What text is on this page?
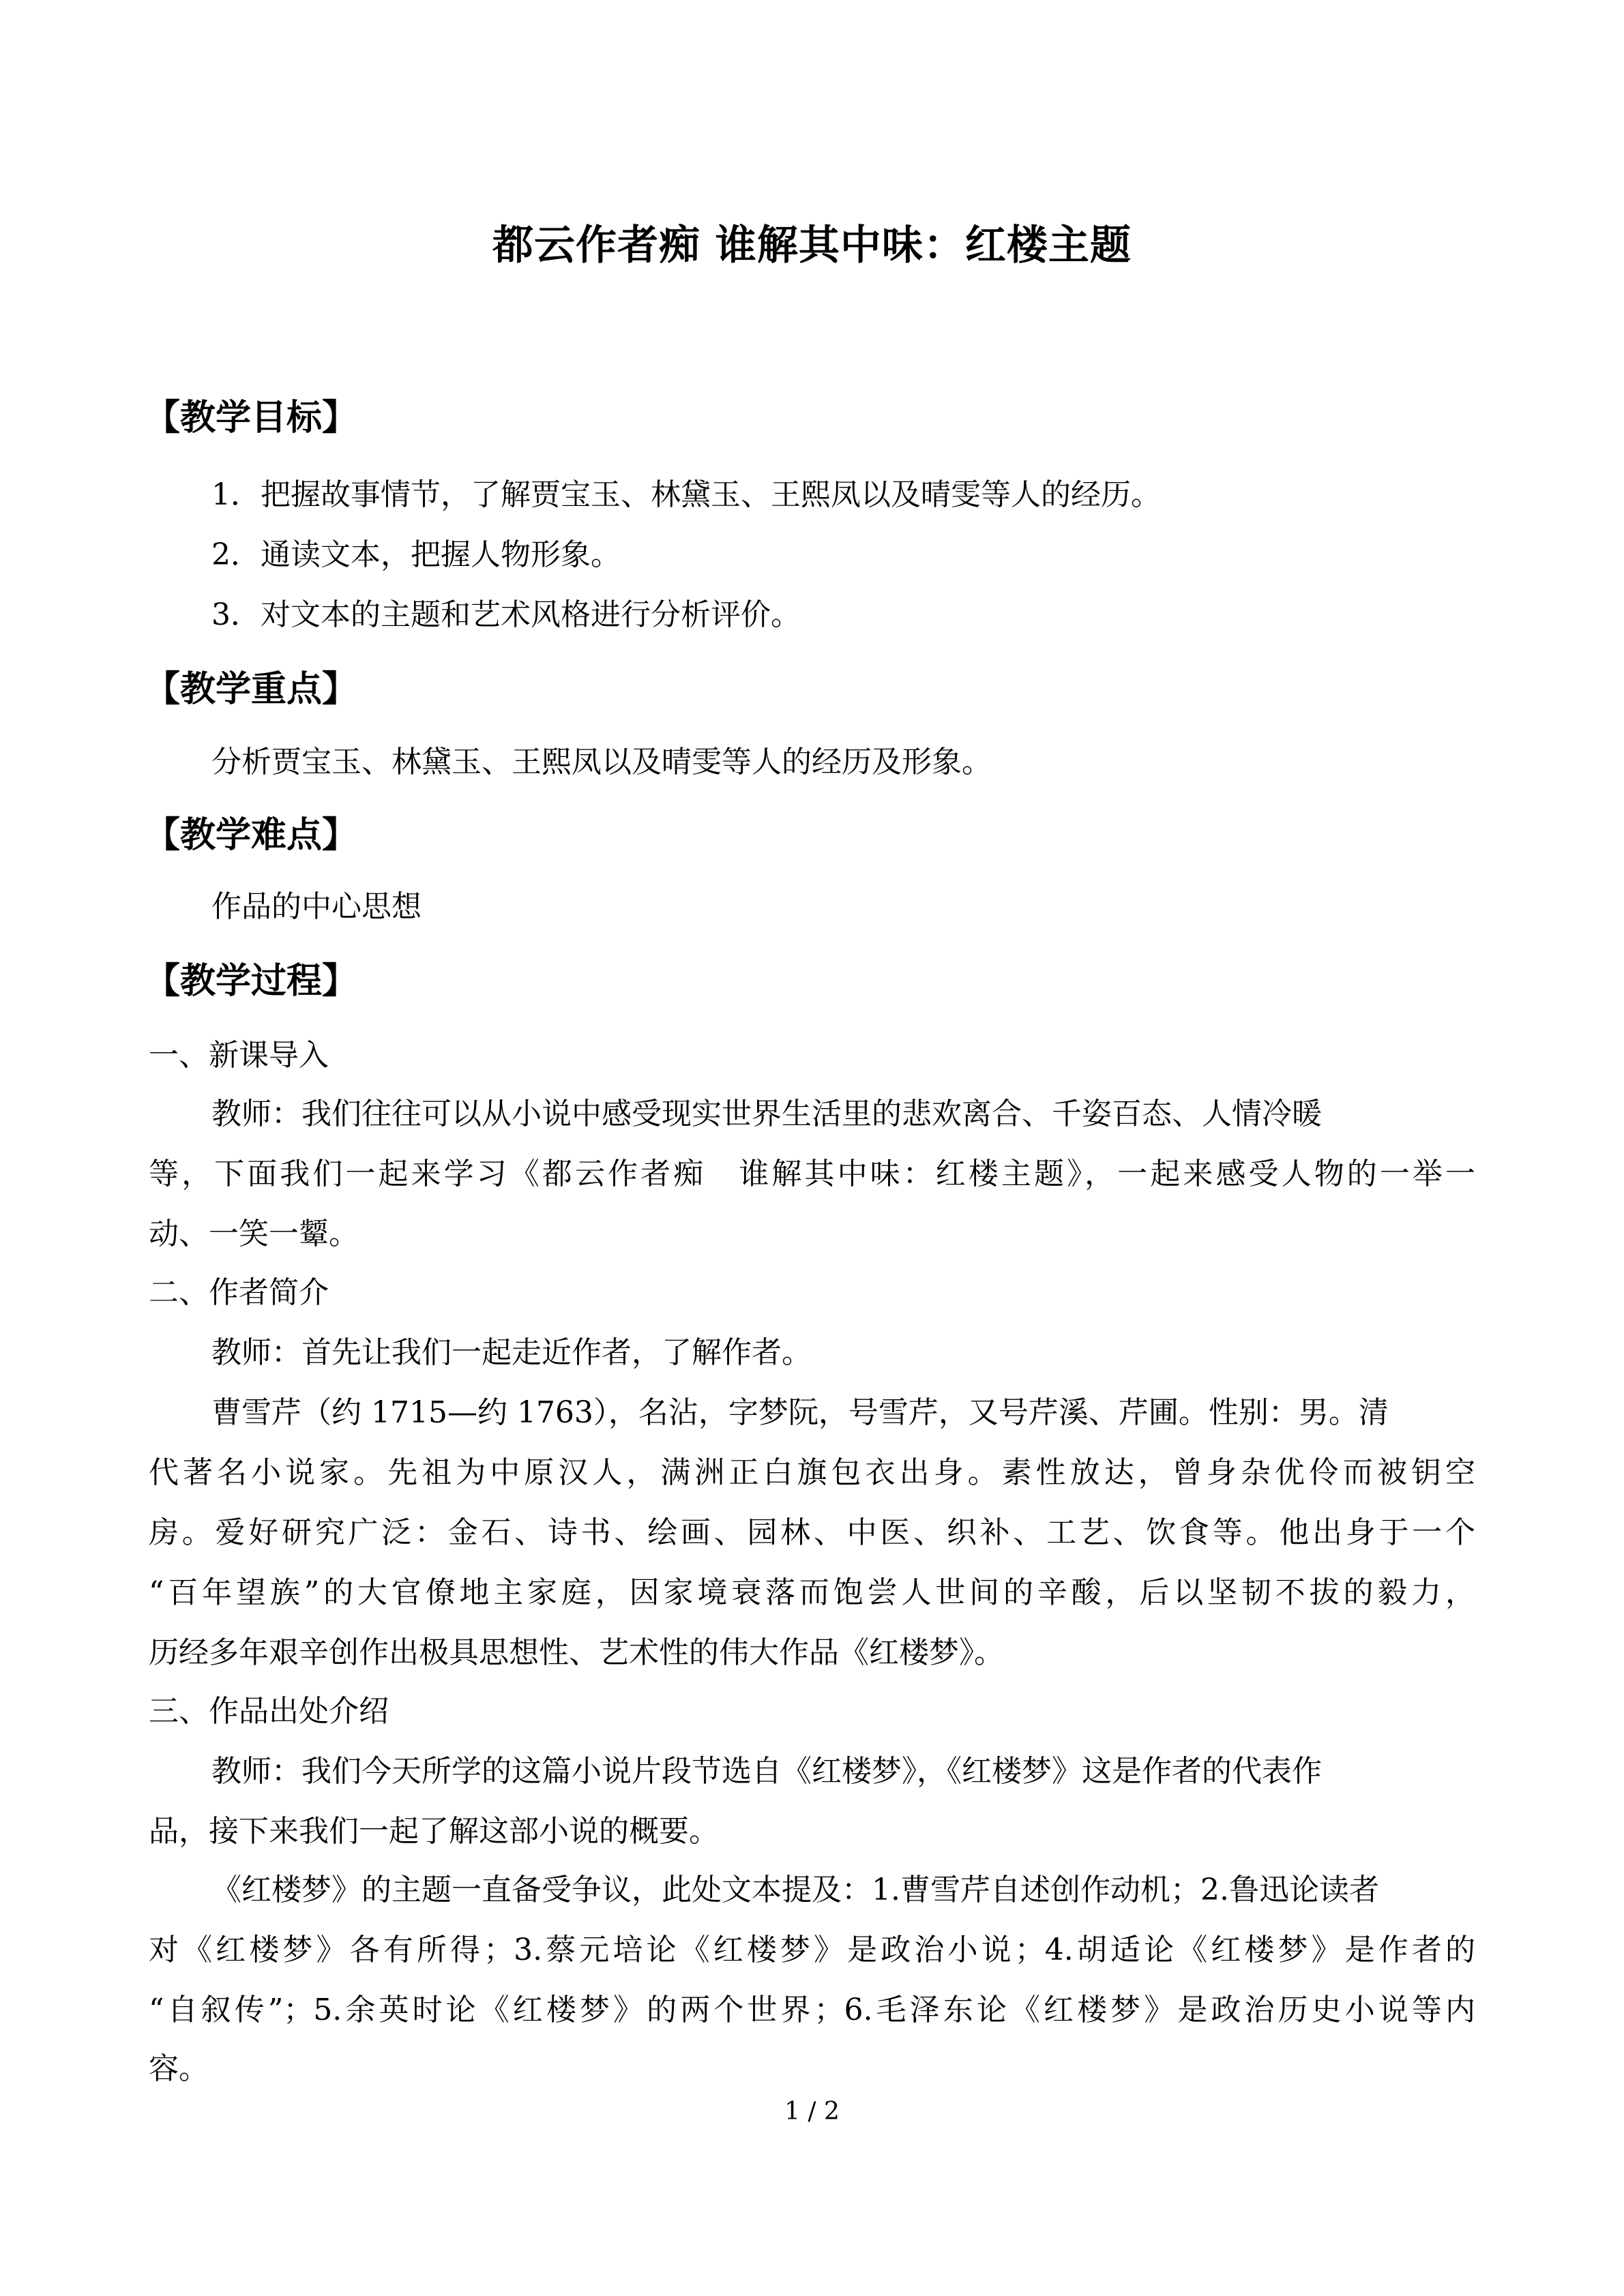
都云作者痴 谁解其中味：红楼主题
【教学目标】
1．把握故事情节，了解贾宝玉、林黛玉、王熙凤以及晴雯等人的经历。
2．通读文本，把握人物形象。
3．对文本的主题和艺术风格进行分析评价。
【教学重点】
分析贾宝玉、林黛玉、王熙凤以及晴雯等人的经历及形象。
【教学难点】
作品的中心思想
【教学过程】
一、新课导入
教师：我们往往可以从小说中感受现实世界生活里的悲欢离合、千姿百态、人情冷暖
等，下面我们一起来学习《都云作者痴　谁解其中味：红楼主题》，一起来感受人物的一举一
动、一笑一颦。
二、作者简介
教师：首先让我们一起走近作者，了解作者。
曹雪芹（约 1715—约 1763），名沾，字梦阮，号雪芹，又号芹溪、芹圃。性别：男。清
代著名小说家。先祖为中原汉人，满洲正白旗包衣出身。素性放达，曾身杂优伶而被钥空
房。爱好研究广泛：金石、诗书、绘画、园林、中医、织补、工艺、饮食等。他出身于一个
“百年望族”的大官僚地主家庭，因家境衰落而饱尝人世间的辛酸，后以坚韧不拔的毅力，
历经多年艰辛创作出极具思想性、艺术性的伟大作品《红楼梦》。
三、作品出处介绍
教师：我们今天所学的这篇小说片段节选自《红楼梦》，《红楼梦》这是作者的代表作
品，接下来我们一起了解这部小说的概要。
《红楼梦》的主题一直备受争议，此处文本提及：1.曹雪芹自述创作动机；2.鲁迅论读者
对《红楼梦》各有所得；3.蔡元培论《红楼梦》是政治小说；4.胡适论《红楼梦》是作者的
“自叙传”；5.余英时论《红楼梦》的两个世界；6.毛泽东论《红楼梦》是政治历史小说等内
容。
1 / 2
